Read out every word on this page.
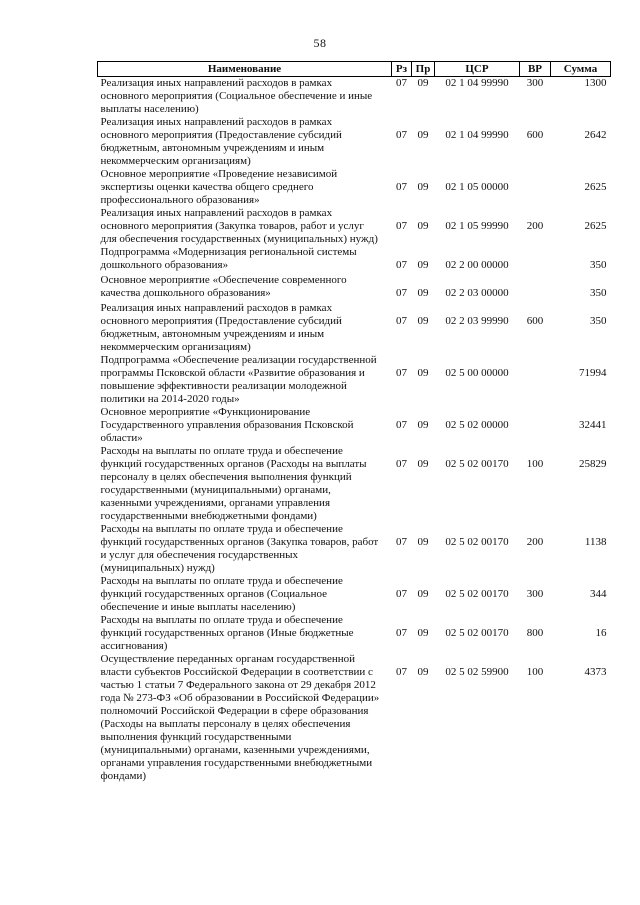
58
Наименование	Рз	Пр	ЦСР	ВР	Сумма
Реализация иных направлений расходов в рамках основного мероприятия (Социальное обеспечение и иные выплаты населению)	07	09	02 1 04 99990	300	1300
Реализация иных направлений расходов в рамках основного мероприятия (Предоставление субсидий бюджетным, автономным учреждениям и иным некоммерческим организациям)	07	09	02 1 04 99990	600	2642
Основное мероприятие «Проведение независимой экспертизы оценки качества общего среднего профессионального образования»	07	09	02 1 05 00000		2625
Реализация иных направлений расходов в рамках основного мероприятия (Закупка товаров, работ и услуг для обеспечения государственных (муниципальных) нужд)	07	09	02 1 05 99990	200	2625
Подпрограмма «Модернизация региональной системы дошкольного образования»	07	09	02 2 00 00000		350
Основное мероприятие «Обеспечение современного качества дошкольного образования»	07	09	02 2 03 00000		350
Реализация иных направлений расходов в рамках основного мероприятия (Предоставление субсидий бюджетным, автономным учреждениям и иным некоммерческим организациям)	07	09	02 2 03 99990	600	350
Подпрограмма «Обеспечение реализации государственной программы Псковской области «Развитие образования и повышение эффективности реализации молодежной политики на 2014-2020 годы»	07	09	02 5 00 00000		71994
Основное мероприятие «Функционирование Государственного управления образования Псковской области»	07	09	02 5 02 00000		32441
Расходы на выплаты по оплате труда и обеспечение функций государственных органов (Расходы на выплаты персоналу в целях обеспечения выполнения функций государственными (муниципальными) органами, казенными учреждениями, органами управления государственными внебюджетными фондами)	07	09	02 5 02 00170	100	25829
Расходы на выплаты по оплате труда и обеспечение функций государственных органов (Закупка товаров, работ и услуг для обеспечения государственных (муниципальных) нужд)	07	09	02 5 02 00170	200	1138
Расходы на выплаты по оплате труда и обеспечение функций государственных органов (Социальное обеспечение и иные выплаты населению)	07	09	02 5 02 00170	300	344
Расходы на выплаты по оплате труда и обеспечение функций государственных органов (Иные бюджетные ассигнования)	07	09	02 5 02 00170	800	16
Осуществление переданных органам государственной власти субъектов Российской Федерации в соответствии с частью 1 статьи 7 Федерального закона от 29 декабря 2012 года № 273-ФЗ «Об образовании в Российской Федерации» полномочий Российской Федерации в сфере образования (Расходы на выплаты персоналу в целях обеспечения выполнения функций государственными (муниципальными) органами, казенными учреждениями, органами управления государственными внебюджетными фондами)	07	09	02 5 02 59900	100	4373
